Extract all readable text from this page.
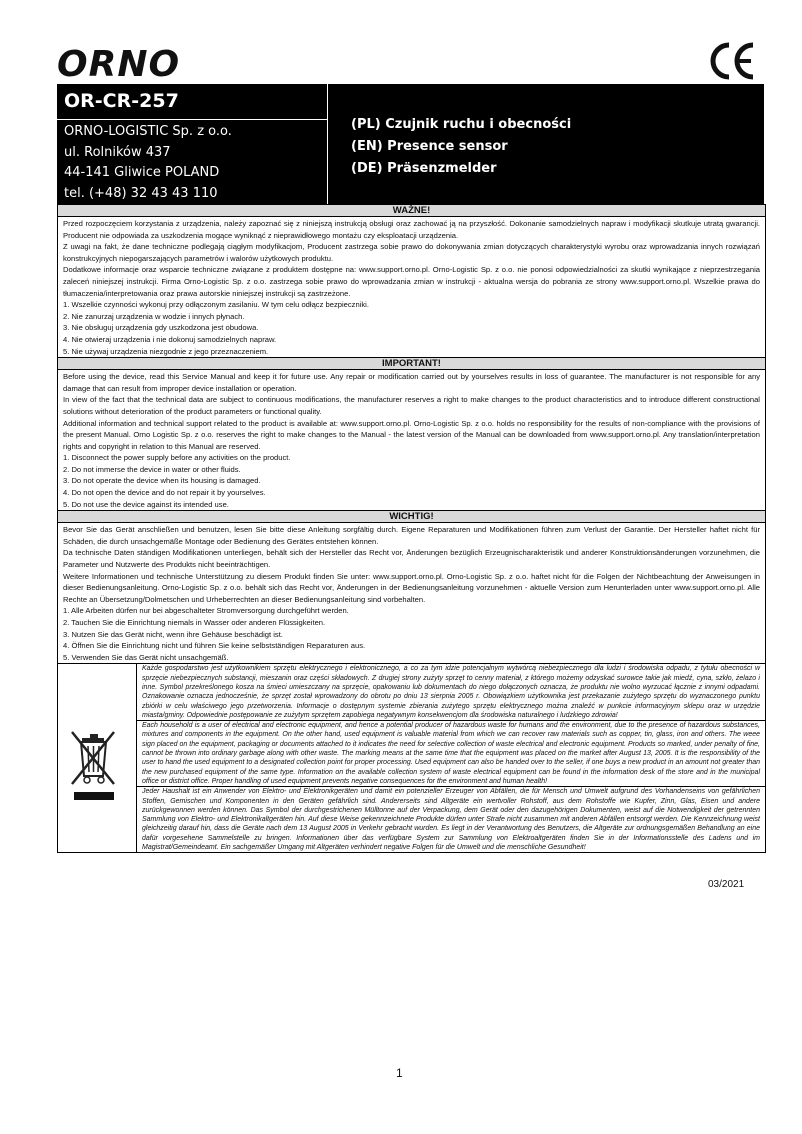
ORNO
OR-CR-257
ORNO-LOGISTIC Sp. z o.o.
ul. Rolników 437
44-141 Gliwice POLAND
tel. (+48) 32 43 43 110
(PL) Czujnik ruchu i obecności
(EN) Presence sensor
(DE) Präsenzmelder
WAŻNE!

Przed rozpoczęciem korzystania z urządzenia, należy zapoznać się z niniejszą instrukcją obsługi oraz zachować ją na przyszłość. Dokonanie samodzielnych napraw i modyfikacji skutkuje utratą gwarancji. Producent nie odpowiada za uszkodzenia mogące wyniknąć z nieprawidłowego montażu czy eksploatacji urządzenia.

Z uwagi na fakt, że dane techniczne podlegają ciągłym modyfikacjom, Producent zastrzega sobie prawo do dokonywania zmian dotyczących charakterystyki wyrobu oraz wprowadzania innych rozwiązań konstrukcyjnych niepogarszających parametrów i walorów użytkowych produktu.

Dodatkowe informacje oraz wsparcie techniczne związane z produktem dostępne na: www.support.orno.pl. Orno-Logistic Sp. z o.o. nie ponosi odpowiedzialności za skutki wynikające z nieprzestrzegania zaleceń niniejszej instrukcji. Firma Orno-Logistic Sp. z o.o. zastrzega sobie prawo do wprowadzania zmian w instrukcji - aktualna wersja do pobrania ze strony www.support.orno.pl. Wszelkie prawa do tłumaczenia/interpretowania oraz prawa autorskie niniejszej instrukcji są zastrzeżone.

1. Wszelkie czynności wykonuj przy odłączonym zasilaniu. W tym celu odłącz bezpieczniki.
2. Nie zanurzaj urządzenia w wodzie i innych płynach.
3. Nie obsługuj urządzenia gdy uszkodzona jest obudowa.
4. Nie otwieraj urządzenia i nie dokonuj samodzielnych napraw.
5. Nie używaj urządzenia niezgodnie z jego przeznaczeniem.
IMPORTANT!

Before using the device, read this Service Manual and keep it for future use. Any repair or modification carried out by yourselves results in loss of guarantee. The manufacturer is not responsible for any damage that can result from improper device installation or operation.

In view of the fact that the technical data are subject to continuous modifications, the manufacturer reserves a right to make changes to the product characteristics and to introduce different constructional solutions without deterioration of the product parameters or functional quality.

Additional information and technical support related to the product is available at: www.support.orno.pl. Orno-Logistic Sp. z o.o. holds no responsibility for the results of non-compliance with the provisions of the present Manual. Orno Logistic Sp. z o.o. reserves the right to make changes to the Manual - the latest version of the Manual can be downloaded from www.support.orno.pl. Any translation/interpretation rights and copyright in relation to this Manual are reserved.

1. Disconnect the power supply before any activities on the product.
2. Do not immerse the device in water or other fluids.
3. Do not operate the device when its housing is damaged.
4. Do not open the device and do not repair it by yourselves.
5. Do not use the device against its intended use.
WICHTIG!

Bevor Sie das Gerät anschließen und benutzen, lesen Sie bitte diese Anleitung sorgfältig durch. Eigene Reparaturen und Modifikationen führen zum Verlust der Garantie. Der Hersteller haftet nicht für Schäden, die durch unsachgemäße Montage oder Bedienung des Gerätes entstehen können.

Da technische Daten ständigen Modifikationen unterliegen, behält sich der Hersteller das Recht vor, Änderungen bezüglich Erzeugnischarakteristik und anderer Konstruktionsänderungen vorzunehmen, die Parameter und Nutzwerte des Produkts nicht beeinträchtigen.

Weitere Informationen und technische Unterstützung zu diesem Produkt finden Sie unter: www.support.orno.pl. Orno-Logistic Sp. z o.o. haftet nicht für die Folgen der Nichtbeachtung der Anweisungen in dieser Bedienungsanleitung. Orno-Logistic Sp. z o.o. behält sich das Recht vor, Änderungen in der Bedienungsanleitung vorzunehmen - aktuelle Version zum Herunterladen unter www.support.orno.pl. Alle Rechte an Übersetzung/Dolmetschen und Urheberrechten an dieser Bedienungsanleitung sind vorbehalten.

1. Alle Arbeiten dürfen nur bei abgeschalteter Stromversorgung durchgeführt werden.
2. Tauchen Sie die Einrichtung niemals in Wasser oder anderen Flüssigkeiten.
3. Nutzen Sie das Gerät nicht, wenn ihre Gehäuse beschädigt ist.
4. Öffnen Sie die Einrichtung nicht und führen Sie keine selbstständigen Reparaturen aus.
5. Verwenden Sie das Gerät nicht unsachgemäß.

Każde gospodarstwo jest użytkownikiem sprzętu elektrycznego i elektronicznego, a co za tym idzie potencjalnym wytwórcą niebezpiecznego dla ludzi i środowiska odpadu, z tytułu obecności w sprzęcie niebezpiecznych substancji, mieszanin oraz części składowych. Z drugiej strony zużyty sprzęt to cenny materiał, z którego możemy odzyskać surowce takie jak miedź, cyna, szkło, żelazo i inne. Symbol przekreślonego kosza na śmieci umieszczany na sprzęcie, opakowaniu lub dokumentach do niego dołączonych oznacza, że produktu nie wolno wyrzucać łącznie z innymi odpadami. Oznakowanie oznacza jednocześnie, że sprzęt został wprowadzony do obrotu po dniu 13 sierpnia 2005 r. Obowiązkiem użytkownika jest przekazanie zużytego sprzętu do wyznaczonego punktu zbiórki w celu właściwego jego przetworzenia. Informacje o dostępnym systemie zbierania zużytego sprzętu elektrycznego można znaleźć w punkcie informacyjnym sklepu oraz w urzędzie miasta/gminy. Odpowiednie postępowanie ze zużytym sprzętem zapobiega negatywnym konsekwencjom dla środowiska naturalnego i ludzkiego zdrowia!

Each household is a user of electrical and electronic equipment, and hence a potential producer of hazardous waste for humans and the environment, due to the presence of hazardous substances, mixtures and components in the equipment. On the other hand, used equipment is valuable material from which we can recover raw materials such as copper, tin, glass, iron and others. The weee sign placed on the equipment, packaging or documents attached to it indicates the need for selective collection of waste electrical and electronic equipment. Products so marked, under penalty of fine, cannot be thrown into ordinary garbage along with other waste. The marking means at the same time that the equipment was placed on the market after August 13, 2005. It is the responsibility of the user to hand the used equipment to a designated collection point for proper processing. Used equipment can also be handed over to the seller, if one buys a new product in an amount not greater than the new purchased equipment of the same type. Information on the available collection system of waste electrical equipment can be found in the information desk of the store and in the municipal office or district office. Proper handling of used equipment prevents negative consequences for the environment and human health!

Jeder Haushalt ist ein Anwender von Elektro- und Elektronikgeräten und damit ein potenzieller Erzeuger von Abfällen, die für Mensch und Umwelt aufgrund des Vorhandenseins von gefährlichen Stoffen, Gemischen und Komponenten in den Geräten gefährlich sind. Andererseits sind Altgeräte ein wertvoller Rohstoff, aus dem Rohstoffe wie Kupfer, Zinn, Glas, Eisen und andere zurückgewonnen werden können. Das Symbol der durchgestrichenen Mülltonne auf der Verpackung, dem Gerät oder den dazugehörigen Dokumenten, weist auf die Notwendigkeit der getrennten Sammlung von Elektro- und Elektronikaltgeräten hin. Auf diese Weise gekennzeichnete Produkte dürfen unter Strafe nicht zusammen mit anderen Abfällen entsorgt werden. Die Kennzeichnung weist gleichzeitig darauf hin, dass die Geräte nach dem 13 August 2005 in Verkehr gebracht wurden. Es liegt in der Verantwortung des Benutzers, die Altgeräte zur ordnungsgemäßen Behandlung an eine dafür vorgesehene Sammelstelle zu bringen. Informationen über das verfügbare System zur Sammlung von Elektroaltgeräten finden Sie in der Informationsstelle des Ladens und im Magistrat/Gemeindeamt. Ein sachgemäßer Umgang mit Altgeräten verhindert negative Folgen für die Umwelt und die menschliche Gesundheit!

03/2021
1
